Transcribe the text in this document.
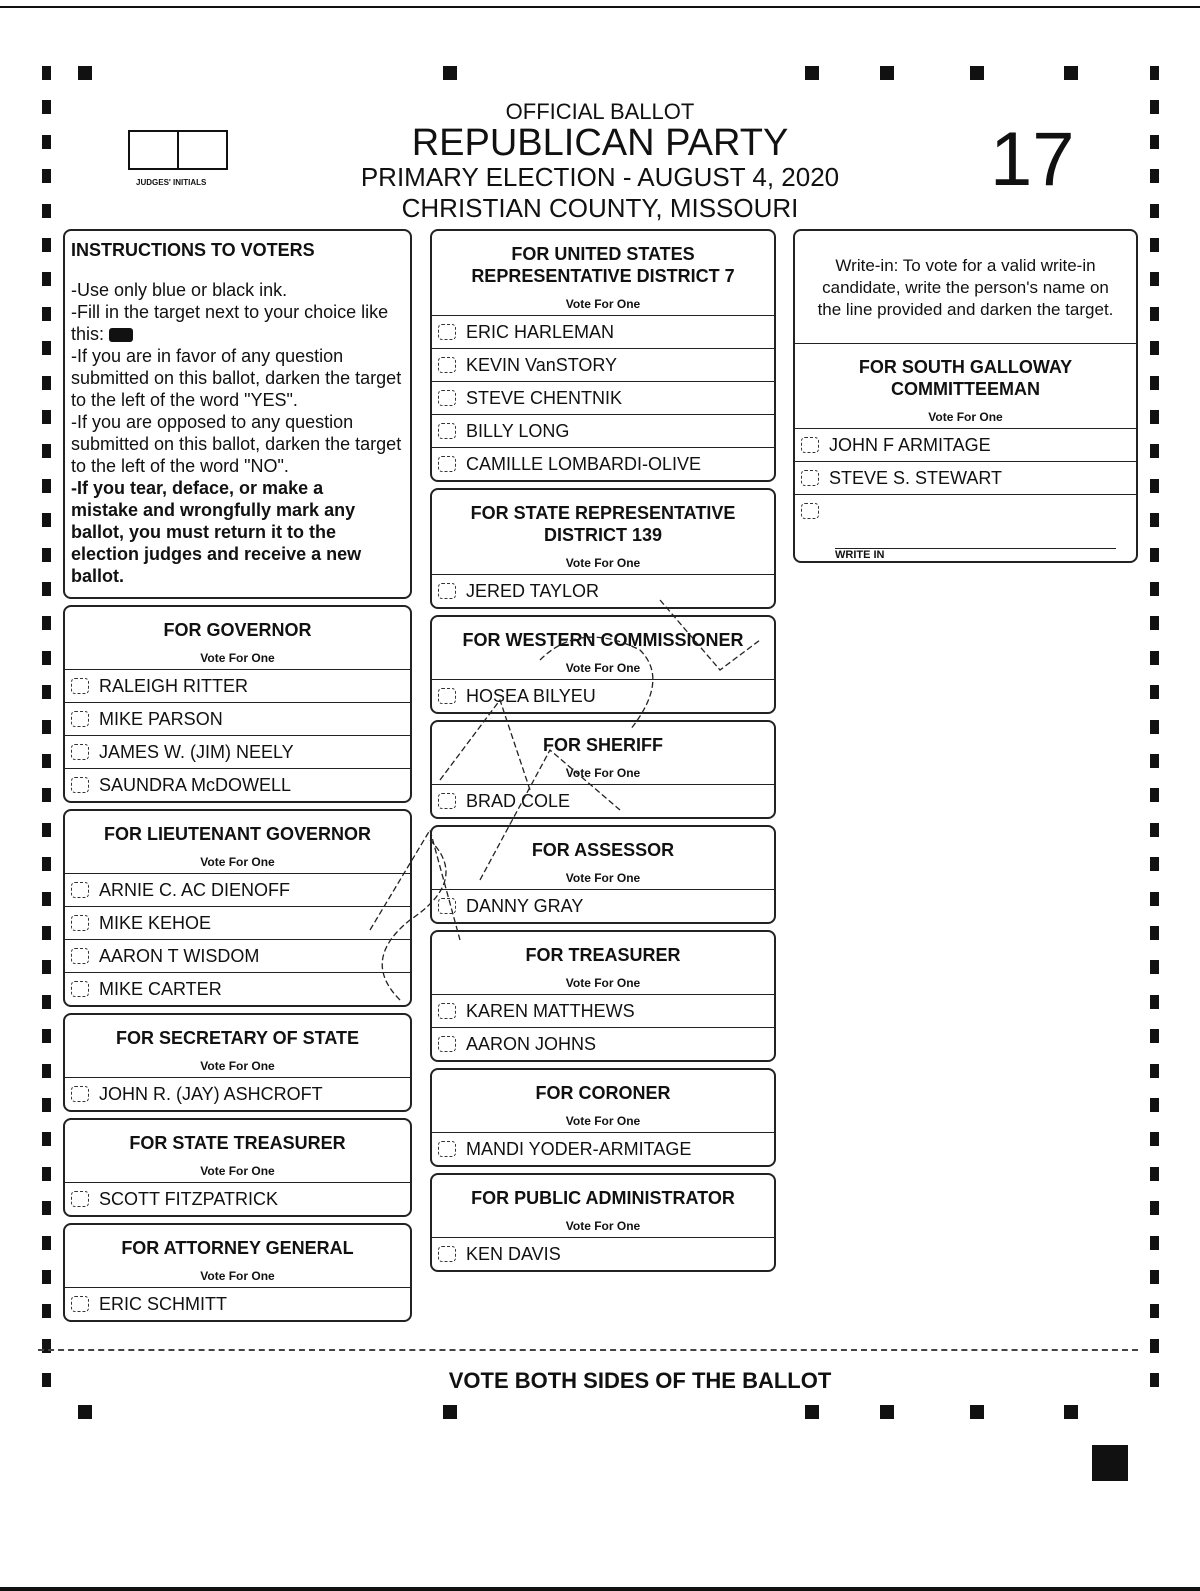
JUDGES' INITIALS
OFFICIAL BALLOT
REPUBLICAN PARTY
PRIMARY ELECTION - AUGUST 4, 2020
CHRISTIAN COUNTY, MISSOURI
17
INSTRUCTIONS TO VOTERS
-Use only blue or black ink.
-Fill in the target next to your choice like this:
-If you are in favor of any question submitted on this ballot, darken the target to the left of the word "YES".
-If you are opposed to any question submitted on this ballot, darken the target to the left of the word "NO".
-If you tear, deface, or make a
mistake and wrongfully mark any ballot, you must return it to the election judges and receive a new ballot.
FOR GOVERNOR
Vote For One
RALEIGH RITTER
MIKE PARSON
JAMES W. (JIM) NEELY
SAUNDRA McDOWELL
FOR LIEUTENANT GOVERNOR
Vote For One
ARNIE C. AC DIENOFF
MIKE KEHOE
AARON T WISDOM
MIKE CARTER
FOR SECRETARY OF STATE
Vote For One
JOHN R. (JAY) ASHCROFT
FOR STATE TREASURER
Vote For One
SCOTT FITZPATRICK
FOR ATTORNEY GENERAL
Vote For One
ERIC SCHMITT
FOR UNITED STATES REPRESENTATIVE DISTRICT 7
Vote For One
ERIC HARLEMAN
KEVIN VanSTORY
STEVE CHENTNIK
BILLY LONG
CAMILLE LOMBARDI-OLIVE
FOR STATE REPRESENTATIVE DISTRICT 139
Vote For One
JERED TAYLOR
FOR WESTERN COMMISSIONER
Vote For One
HOSEA BILYEU
FOR SHERIFF
Vote For One
BRAD COLE
FOR ASSESSOR
Vote For One
DANNY GRAY
FOR TREASURER
Vote For One
KAREN MATTHEWS
AARON JOHNS
FOR CORONER
Vote For One
MANDI YODER-ARMITAGE
FOR PUBLIC ADMINISTRATOR
Vote For One
KEN DAVIS
Write-in: To vote for a valid write-in candidate, write the person's name on the line provided and darken the target.
FOR SOUTH GALLOWAY COMMITTEEMAN
Vote For One
JOHN F ARMITAGE
STEVE S. STEWART
WRITE IN
VOTE BOTH SIDES OF THE BALLOT
